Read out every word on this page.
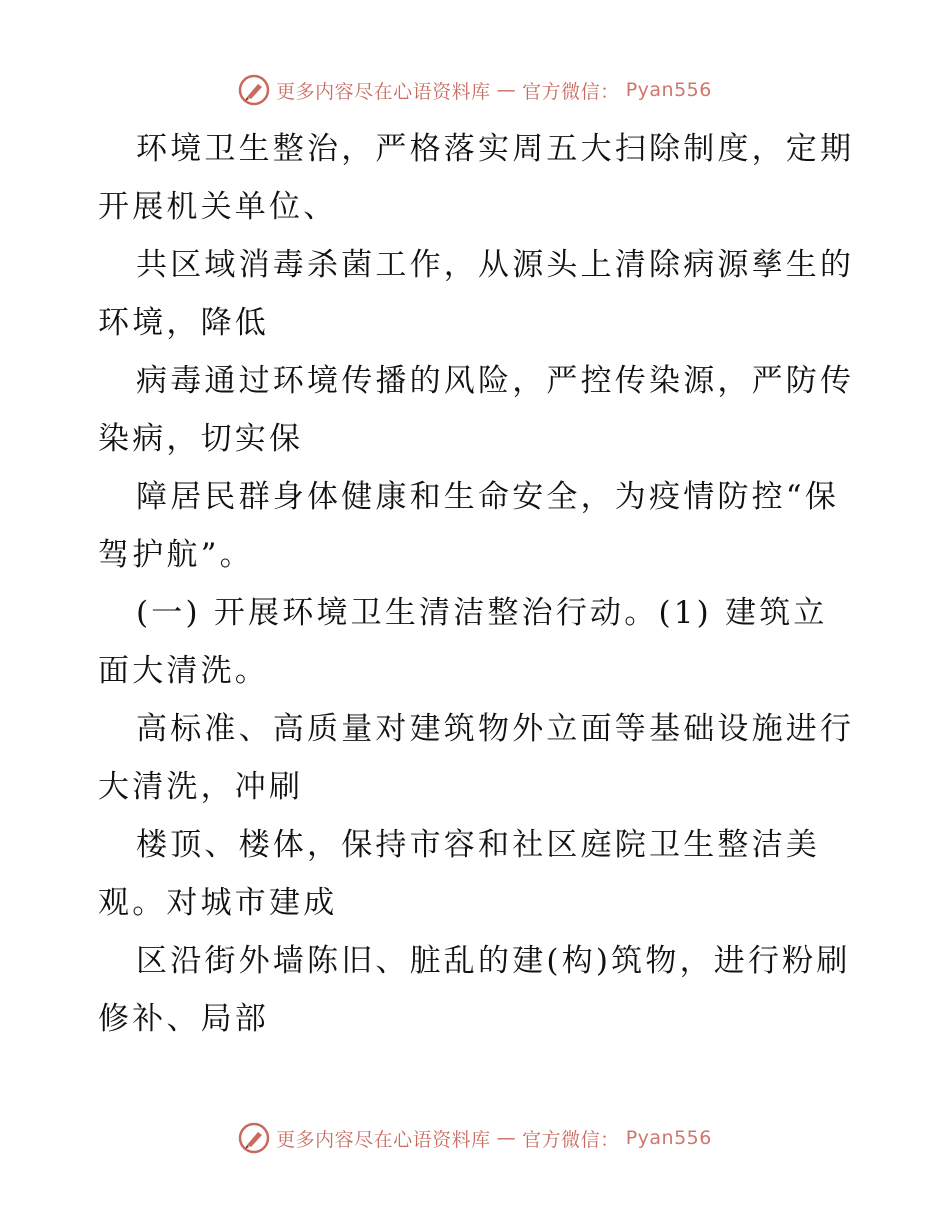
更多内容尽在心语资料库 — 官方微信： Pyan556

环境卫生整治，严格落实周五大扫除制度，定期开展机关单位、

共区域消毒杀菌工作，从源头上清除病源孳生的环境，降低

病毒通过环境传播的风险，严控传染源，严防传染病，切实保

障居民群身体健康和生命安全，为疫情防控“保驾护航”。

(一) 开展环境卫生清洁整治行动。(1) 建筑立面大清洗。

高标准、高质量对建筑物外立面等基础设施进行大清洗，冲刷

楼顶、楼体，保持市容和社区庭院卫生整洁美观。对城市建成

区沿街外墙陈旧、脏乱的建(构)筑物，进行粉刷修补、局部

更多内容尽在心语资料库 — 官方微信： Pyan556
